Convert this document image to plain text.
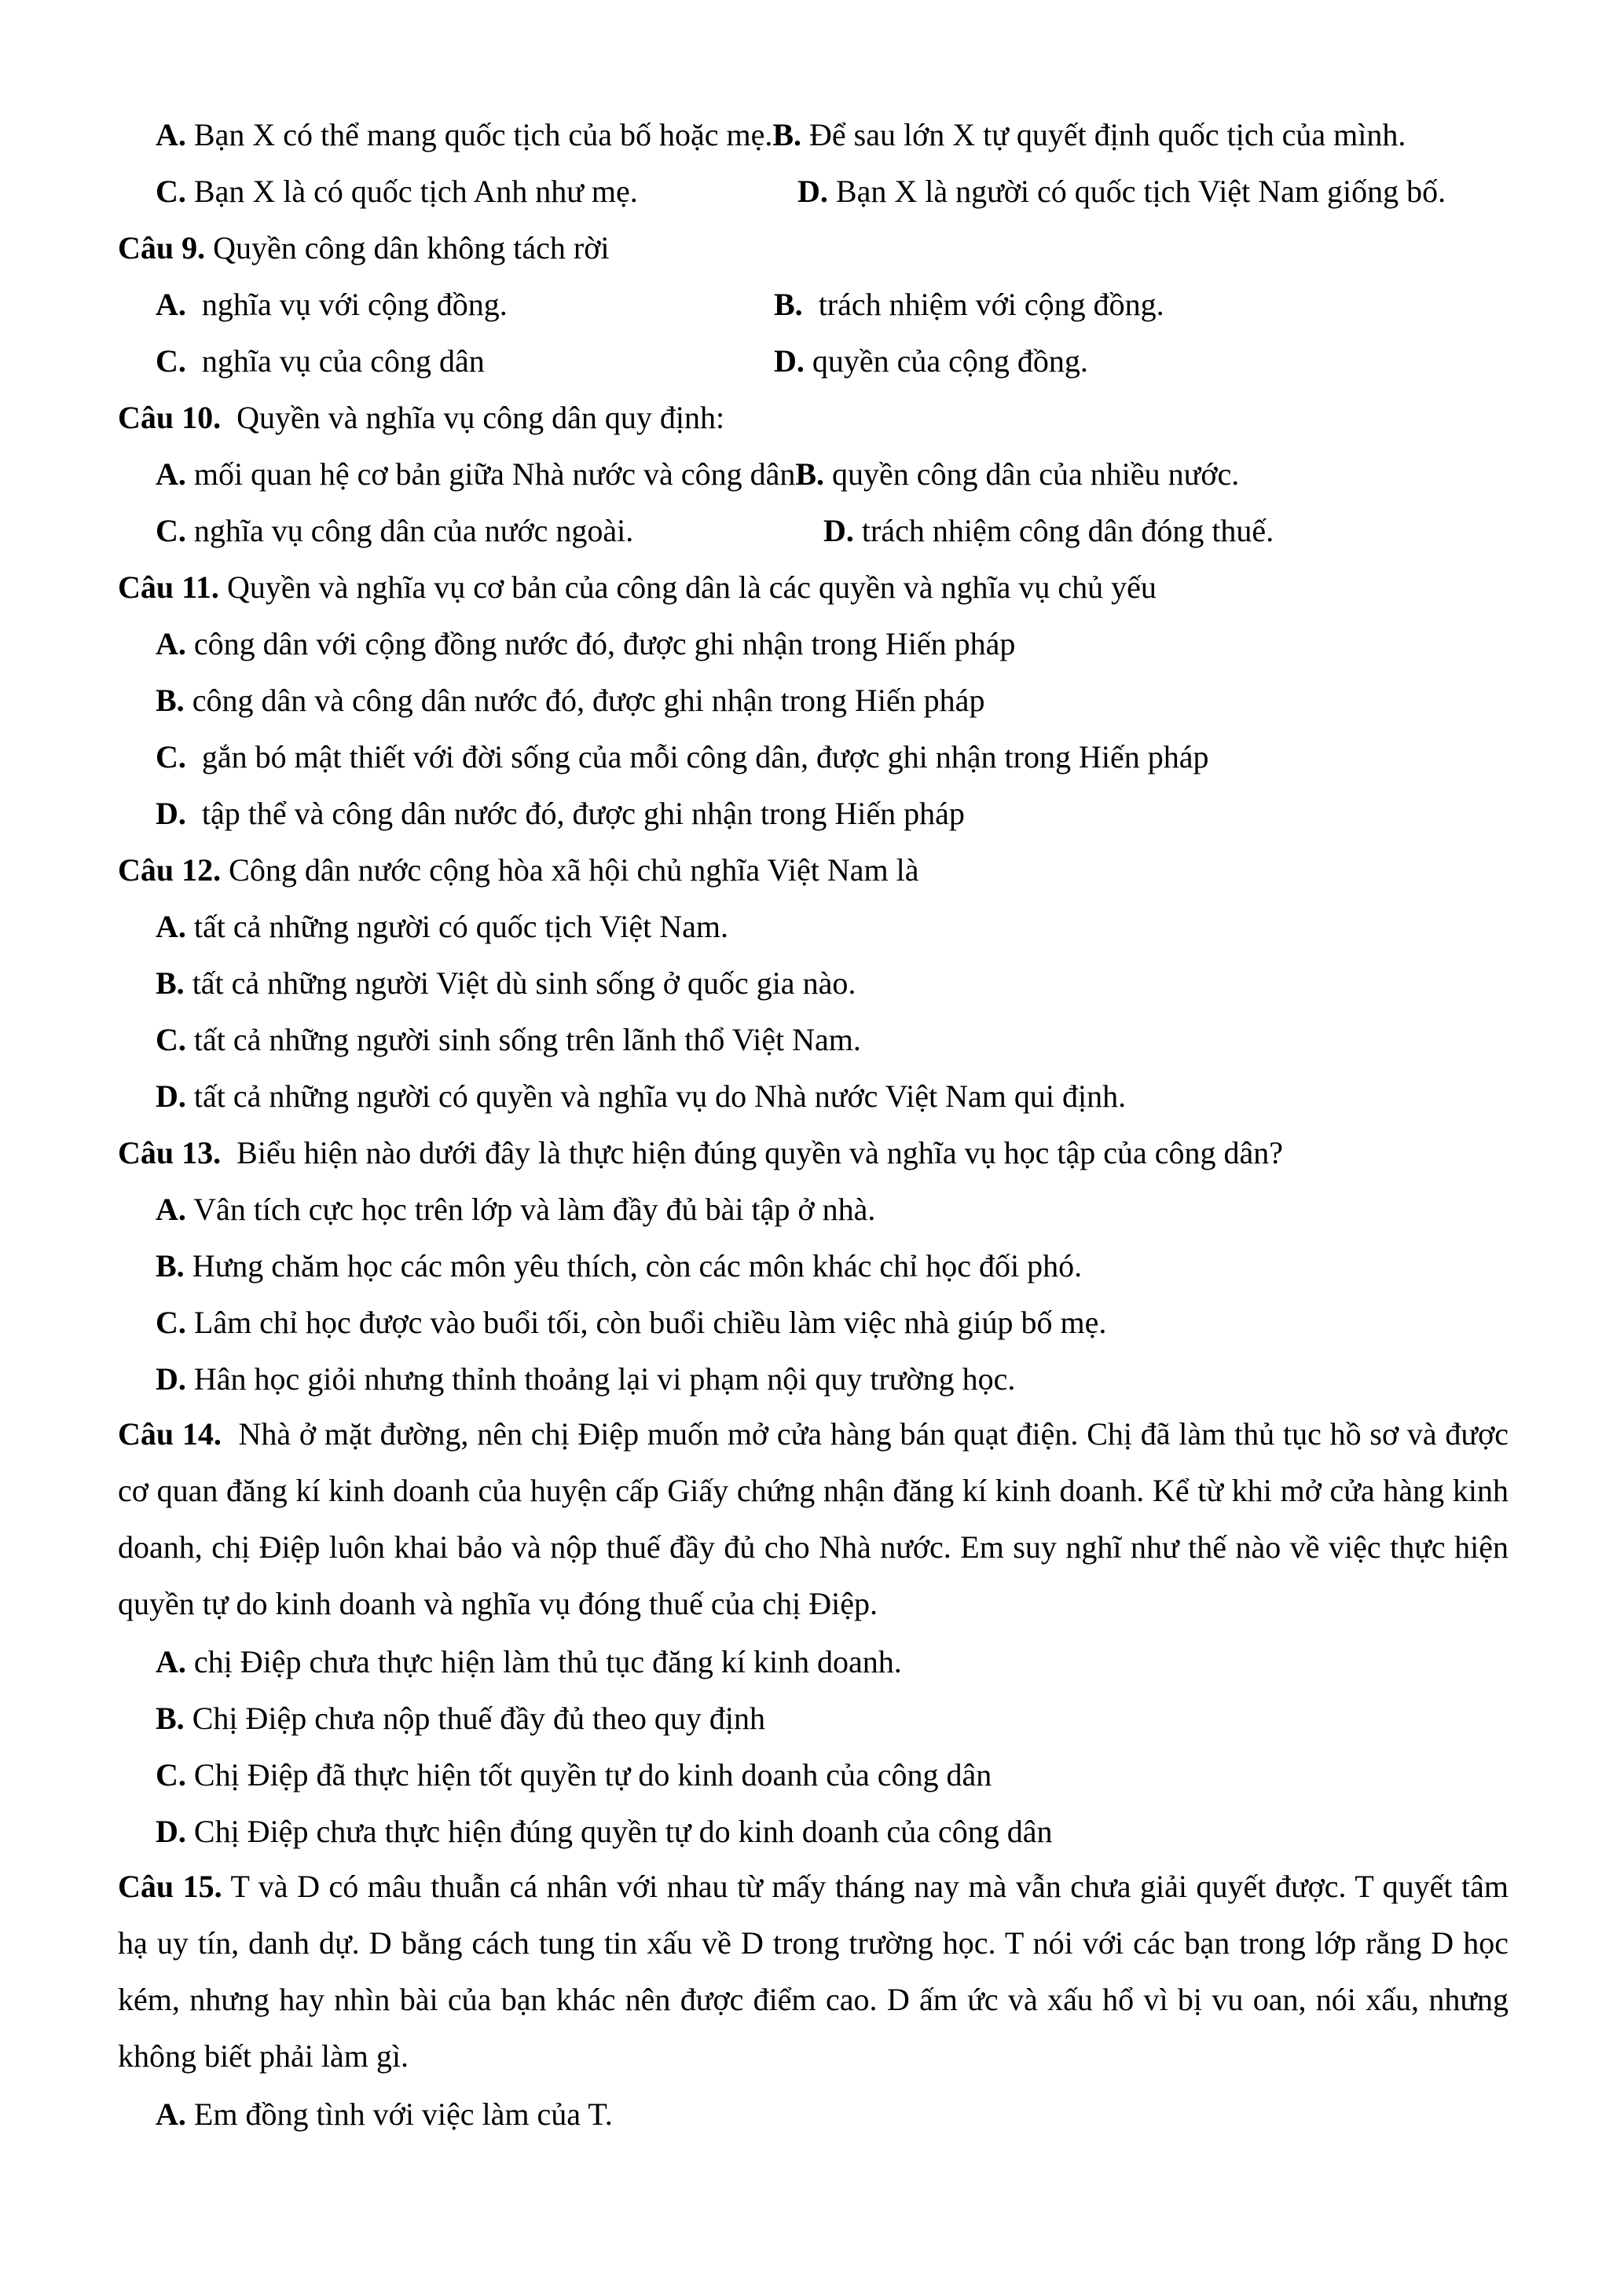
A. Bạn X có thể mang quốc tịch của bố hoặc mẹ.B. Để sau lớn X tự quyết định quốc tịch của mình.
C. Bạn X là có quốc tịch Anh như mẹ.	D. Bạn X là người có quốc tịch Việt Nam giống bố.
Câu 9. Quyền công dân không tách rời
A. nghĩa vụ với cộng đồng.	B. trách nhiệm với cộng đồng.
C. nghĩa vụ của công dân	D. quyền của cộng đồng.
Câu 10. Quyền và nghĩa vụ công dân quy định:
A. mối quan hệ cơ bản giữa Nhà nước và công dânB. quyền công dân của nhiều nước.
C. nghĩa vụ công dân của nước ngoài.	D. trách nhiệm công dân đóng thuế.
Câu 11. Quyền và nghĩa vụ cơ bản của công dân là các quyền và nghĩa vụ chủ yếu
A. công dân với cộng đồng nước đó, được ghi nhận trong Hiến pháp
B. công dân và công dân nước đó, được ghi nhận trong Hiến pháp
C. gắn bó mật thiết với đời sống của mỗi công dân, được ghi nhận trong Hiến pháp
D. tập thể và công dân nước đó, được ghi nhận trong Hiến pháp
Câu 12. Công dân nước cộng hòa xã hội chủ nghĩa Việt Nam là
A. tất cả những người có quốc tịch Việt Nam.
B. tất cả những người Việt dù sinh sống ở quốc gia nào.
C. tất cả những người sinh sống trên lãnh thổ Việt Nam.
D. tất cả những người có quyền và nghĩa vụ do Nhà nước Việt Nam qui định.
Câu 13. Biểu hiện nào dưới đây là thực hiện đúng quyền và nghĩa vụ học tập của công dân?
A. Vân tích cực học trên lớp và làm đầy đủ bài tập ở nhà.
B. Hưng chăm học các môn yêu thích, còn các môn khác chỉ học đối phó.
C. Lâm chỉ học được vào buổi tối, còn buổi chiều làm việc nhà giúp bố mẹ.
D. Hân học giỏi nhưng thỉnh thoảng lại vi phạm nội quy trường học.
Câu 14. Nhà ở mặt đường, nên chị Điệp muốn mở cửa hàng bán quạt điện. Chị đã làm thủ tục hồ sơ và được cơ quan đăng kí kinh doanh của huyện cấp Giấy chứng nhận đăng kí kinh doanh. Kể từ khi mở cửa hàng kinh doanh, chị Điệp luôn khai bảo và nộp thuế đầy đủ cho Nhà nước. Em suy nghĩ như thế nào về việc thực hiện quyền tự do kinh doanh và nghĩa vụ đóng thuế của chị Điệp.
A. chị Điệp chưa thực hiện làm thủ tục đăng kí kinh doanh.
B. Chị Điệp chưa nộp thuế đầy đủ theo quy định
C. Chị Điệp đã thực hiện tốt quyền tự do kinh doanh của công dân
D. Chị Điệp chưa thực hiện đúng quyền tự do kinh doanh của công dân
Câu 15. T và D có mâu thuẫn cá nhân với nhau từ mấy tháng nay mà vẫn chưa giải quyết được. T quyết tâm hạ uy tín, danh dự. D bằng cách tung tin xấu về D trong trường học. T nói với các bạn trong lớp rằng D học kém, nhưng hay nhìn bài của bạn khác nên được điểm cao. D ấm ức và xấu hổ vì bị vu oan, nói xấu, nhưng không biết phải làm gì.
A. Em đồng tình với việc làm của T.
